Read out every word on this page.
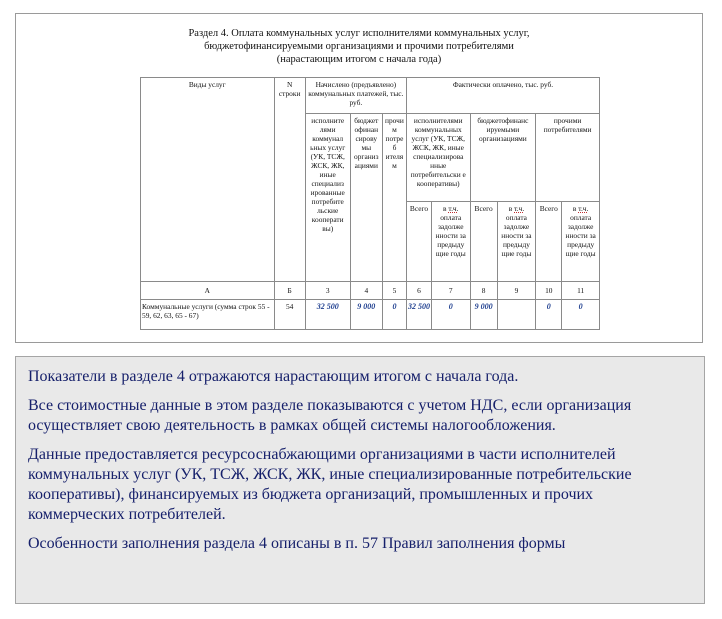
Раздел 4. Оплата коммунальных услуг исполнителями коммунальных услуг,
бюджетофинансируемыми организациями и прочими потребителями
(нарастающим итогом с начала года)
Виды услуг	N строки	Начислено (предъявлено) коммунальных платежей, тыс. руб.			Фактически оплачено, тыс. руб.					
		исполните лями коммунал ьных услуг (УК, ТСЖ, ЖСК, ЖК, иные специализ ированные потребите льские кооперати вы)	бюджет офинан сирову мы организ ациями	прочи м потреб ителя м	исполнителями коммунальных услуг (УК, ТСЖ, ЖСК, ЖК, иные специализирова нные потребительски е кооперативы)		бюджетофинанс ируемыми организациями		прочими потребителями	
					Всего	в т.ч. оплата задолже нности за предыду щие годы	Всего	в т.ч. оплата задолже нности за предыду щие годы	Всего	в т.ч. оплата задолже нности за предыду щие годы

А	Б	3	4	5	6	7	8	9	10	11
Коммунальные услуги (сумма строк 55 - 59, 62, 63, 65 - 67)	54	32 500	9 000	0	32 500	0	9 000		0	0

Показатели в разделе 4 отражаются нарастающим итогом с начала года.

Все стоимостные данные в этом разделе показываются с учетом НДС, если организация осуществляет свою деятельность в рамках общей системы налогообложения.

Данные предоставляется ресурсоснабжающими организациями в части исполнителей коммунальных услуг (УК, ТСЖ, ЖСК, ЖК, иные специализированные потребительские кооперативы), финансируемых из бюджета организаций, промышленных и прочих коммерческих потребителей.

Особенности заполнения раздела 4 описаны в п. 57 Правил заполнения формы
